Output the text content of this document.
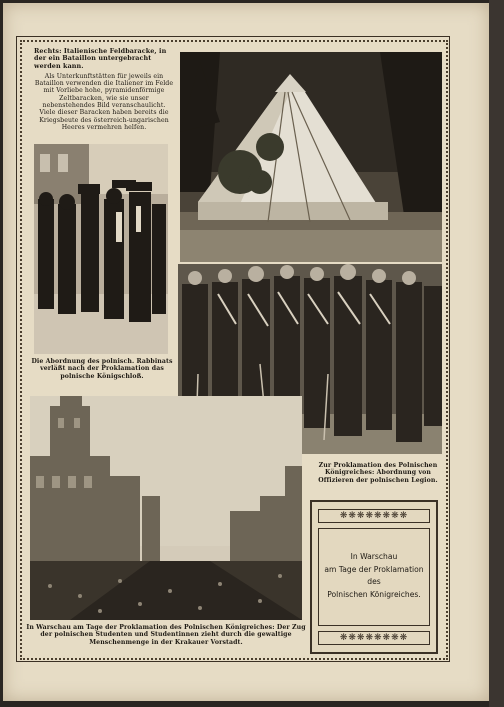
Rechts: Italienische Feldbaracke, in der ein Bataillon untergebracht werden kann.

Als Unterkunftstätten für jeweils ein Bataillon verwenden die Italiener im Felde mit Vorliebe hohe, pyramidenförmige Zeltbaracken, wie sie unser nebenstehendes Bild veranschaulicht. Viele dieser Baracken haben bereits die Kriegsbeute des österreich-ungarischen Heeres vermehren helfen.

Die Abordnung des polnisch. Rabbinats verläßt nach der Proklamation das polnische Königschloß.
Zur Proklamation des Polnischen Königreiches: Abordnung von Offizieren der polnischen Legion.
In Warschau am Tage der Proklamation des Polnischen Königreiches: Der Zug der polnischen Studenten und Studentinnen zieht durch die gewaltige Menschenmenge in der Krakauer Vorstadt.
❋❋❋❋❋❋❋❋
In Warschau
am Tage der Proklamation
des
Polnischen Königreiches.
❋❋❋❋❋❋❋❋
